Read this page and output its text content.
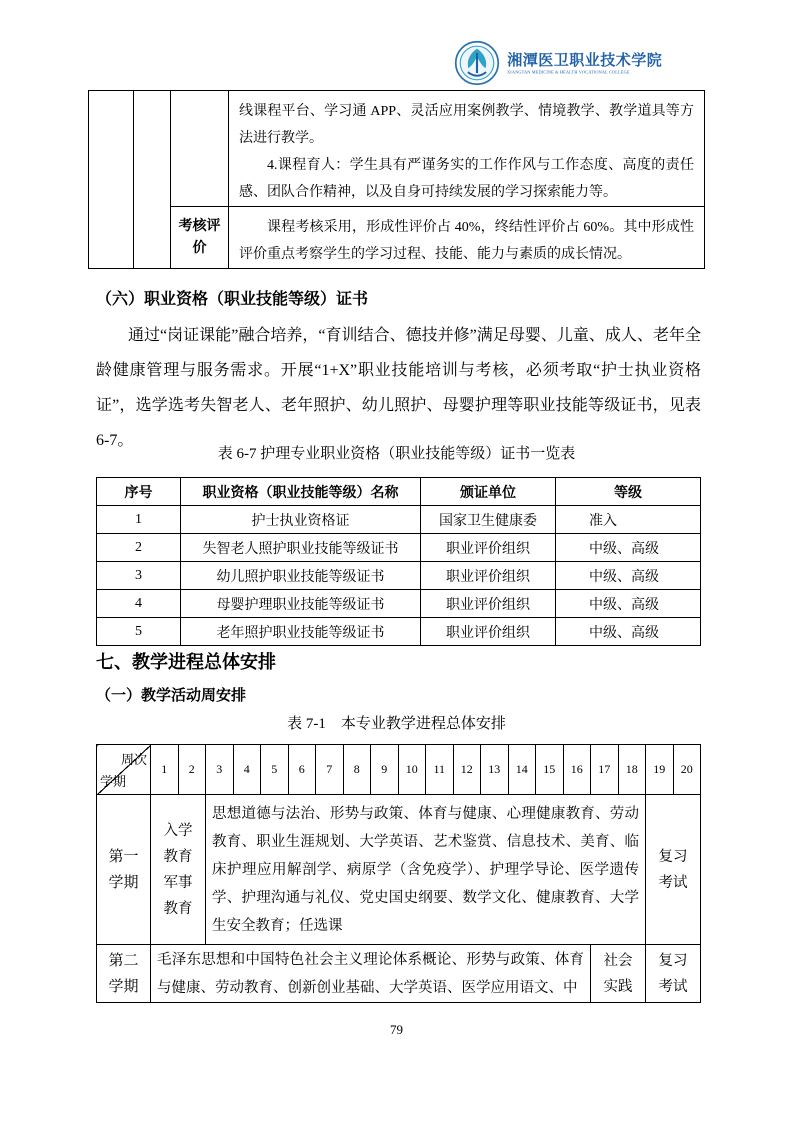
湘潭医卫职业技术学院
XIANGTAN MEDICINE & HEALTH VOCATIONAL COLLEGE

			线课程平台、学习通 APP、灵活应用案例教学、情境教学、教学道具等方法进行教学。
4.课程育人：学生具有严谨务实的工作作风与工作态度、高度的责任感、团队合作精神，以及自身可持续发展的学习探索能力等。

		考核评价	课程考核采用，形成性评价占 40%，终结性评价占 60%。其中形成性评价重点考察学生的学习过程、技能、能力与素质的成长情况。
（六）职业资格（职业技能等级）证书
通过“岗证课能”融合培养，“育训结合、德技并修”满足母婴、儿童、成人、老年全龄健康管理与服务需求。开展“1+X”职业技能培训与考核，必须考取“护士执业资格证”，选学选考失智老人、老年照护、幼儿照护、母婴护理等职业技能等级证书，见表 6-7。
表 6-7 护理专业职业资格（职业技能等级）证书一览表
序号	职业资格（职业技能等级）名称	颁证单位	等级
1	护士执业资格证	国家卫生健康委	准入
2	失智老人照护职业技能等级证书	职业评价组织	中级、高级
3	幼儿照护职业技能等级证书	职业评价组织	中级、高级
4	母婴护理职业技能等级证书	职业评价组织	中级、高级
5	老年照护职业技能等级证书	职业评价组织	中级、高级
七、教学进程总体安排
（一）教学活动周安排
表 7-1　本专业教学进程总体安排
周次
学期	1	2	3	4	5	6	7	8	9	10	11	12	13	14	15	16	17	18	19	20
第一学期	入学教育军事教育		思想道德与法治、形势与政策、体育与健康、心理健康教育、劳动教育、职业生涯规划、大学英语、艺术鉴赏、信息技术、美育、临床护理应用解剖学、病原学（含免疫学）、护理学导论、医学遗传学、护理沟通与礼仪、党史国史纲要、数学文化、健康教育、大学生安全教育；任选课																复习考试	
第二学期	毛泽东思想和中国特色社会主义理论体系概论、形势与政策、体育与健康、劳动教育、创新创业基础、大学英语、医学应用语文、中																社会实践		复习考试	
79
